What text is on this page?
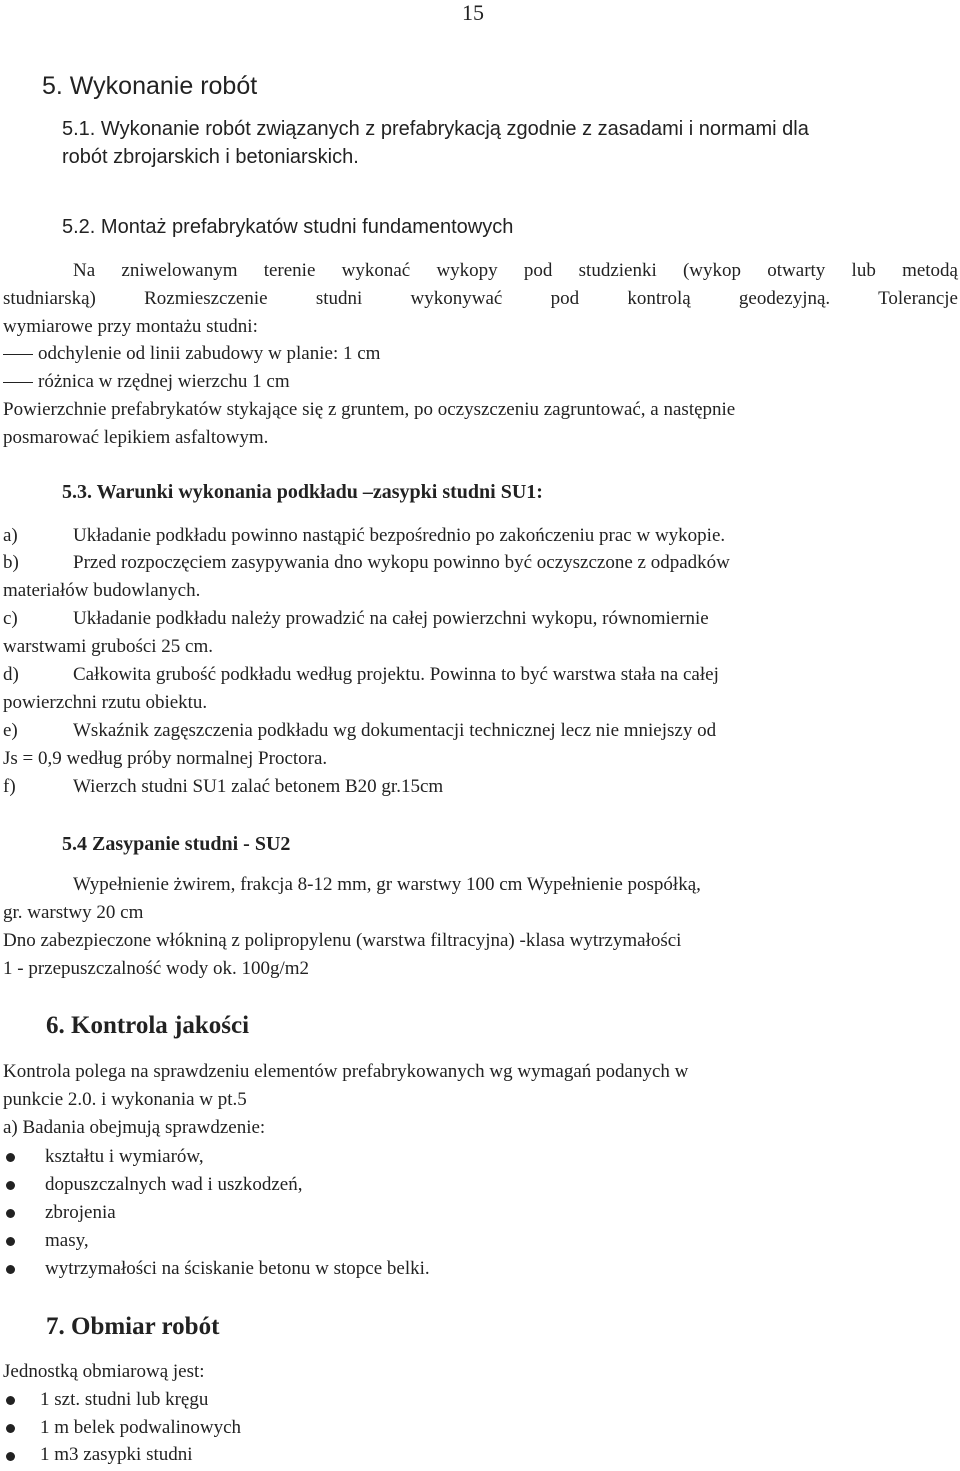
15
5. Wykonanie robót
5.1. Wykonanie robót związanych z prefabrykacją zgodnie z zasadami i normami dla
robót zbrojarskich i betoniarskich.
5.2. Montaż prefabrykatów studni fundamentowych
Na zniwelowanym terenie wykonać wykopy pod studzienki (wykop otwarty lub metodą
studniarską) Rozmieszczenie studni wykonywać pod kontrolą geodezyjną. Tolerancje
wymiarowe przy montażu studni:
odchylenie od linii zabudowy w planie: 1 cm
różnica w rzędnej wierzchu 1 cm
Powierzchnie prefabrykatów stykające się z gruntem, po oczyszczeniu zagruntować, a następnie
posmarować lepikiem asfaltowym.
5.3. Warunki wykonania podkładu –zasypki studni SU1:
a)	Układanie podkładu powinno nastąpić bezpośrednio po zakończeniu prac w wykopie.
b)	Przed rozpoczęciem zasypywania dno wykopu powinno być oczyszczone z odpadków
materiałów budowlanych.
c)	Układanie podkładu należy prowadzić na całej powierzchni wykopu, równomiernie
warstwami grubości 25 cm.
d)	Całkowita grubość podkładu według projektu. Powinna to być warstwa stała na całej
powierzchni rzutu obiektu.
e)	Wskaźnik zagęszczenia podkładu wg dokumentacji technicznej lecz nie mniejszy od
Js = 0,9 według próby normalnej Proctora.
f)	Wierzch studni SU1 zalać betonem B20 gr.15cm
5.4 Zasypanie studni - SU2
Wypełnienie żwirem, frakcja 8-12 mm, gr warstwy 100 cm Wypełnienie pospółką,
gr. warstwy 20 cm
Dno zabezpieczone włókniną z polipropylenu (warstwa filtracyjna) -klasa wytrzymałości
1 - przepuszczalność wody ok. 100g/m2
6. Kontrola jakości
Kontrola polega na sprawdzeniu elementów prefabrykowanych wg wymagań podanych w
punkcie 2.0. i wykonania w pt.5
a) Badania obejmują sprawdzenie:
kształtu i wymiarów,
dopuszczalnych wad i uszkodzeń,
zbrojenia
masy,
wytrzymałości na ściskanie betonu w stopce belki.
7. Obmiar robót
Jednostką obmiarową jest:
1 szt. studni lub kręgu
1 m belek podwalinowych
1 m3 zasypki studni
